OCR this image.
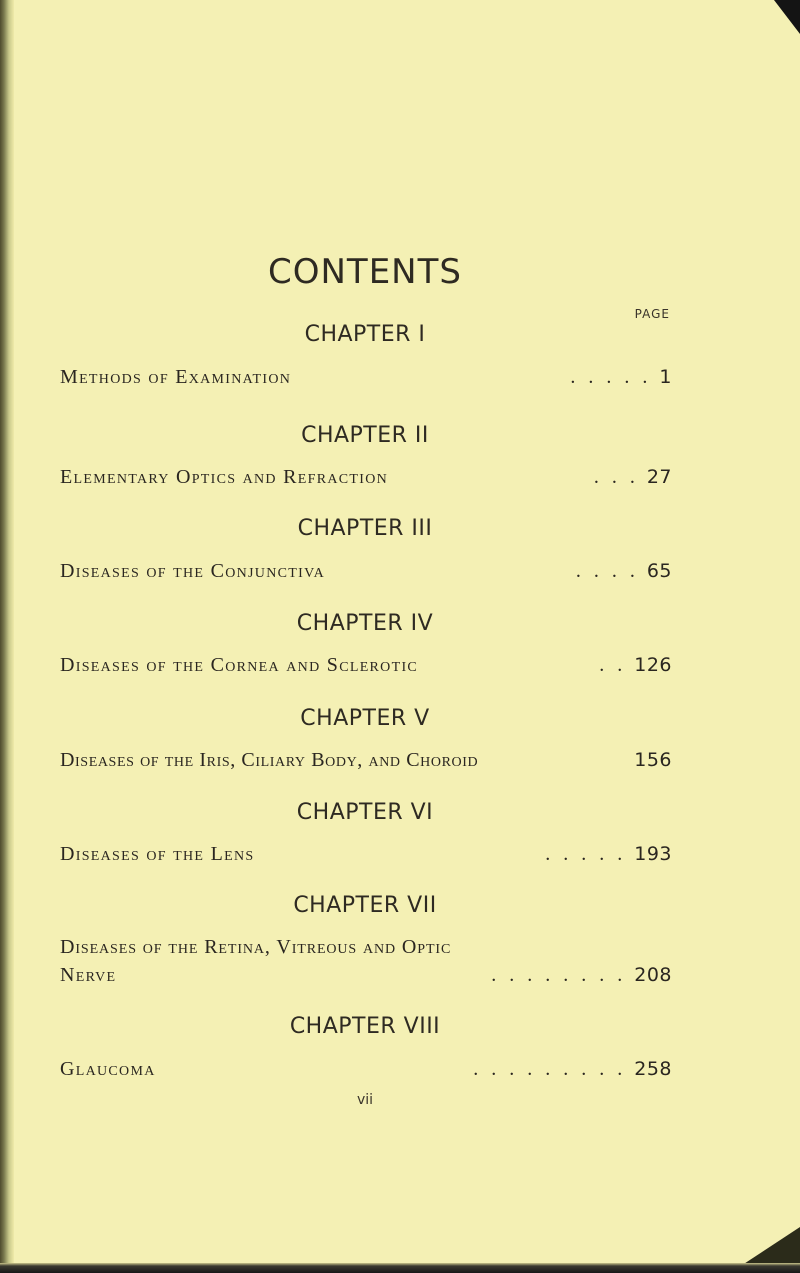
CONTENTS
PAGE
CHAPTER I
Methods of Examination	. . . . . 1
CHAPTER II
Elementary Optics and Refraction	. . . 27
CHAPTER III
Diseases of the Conjunctiva	. . . . 65
CHAPTER IV
Diseases of the Cornea and Sclerotic	. . 126
CHAPTER V
Diseases of the Iris, Ciliary Body, and Choroid	156
CHAPTER VI
Diseases of the Lens	. . . . . 193
CHAPTER VII
Diseases of the Retina, Vitreous and Optic
Nerve	. . . . . . . . 208
CHAPTER VIII
Glaucoma	. . . . . . . . . 258
vii
